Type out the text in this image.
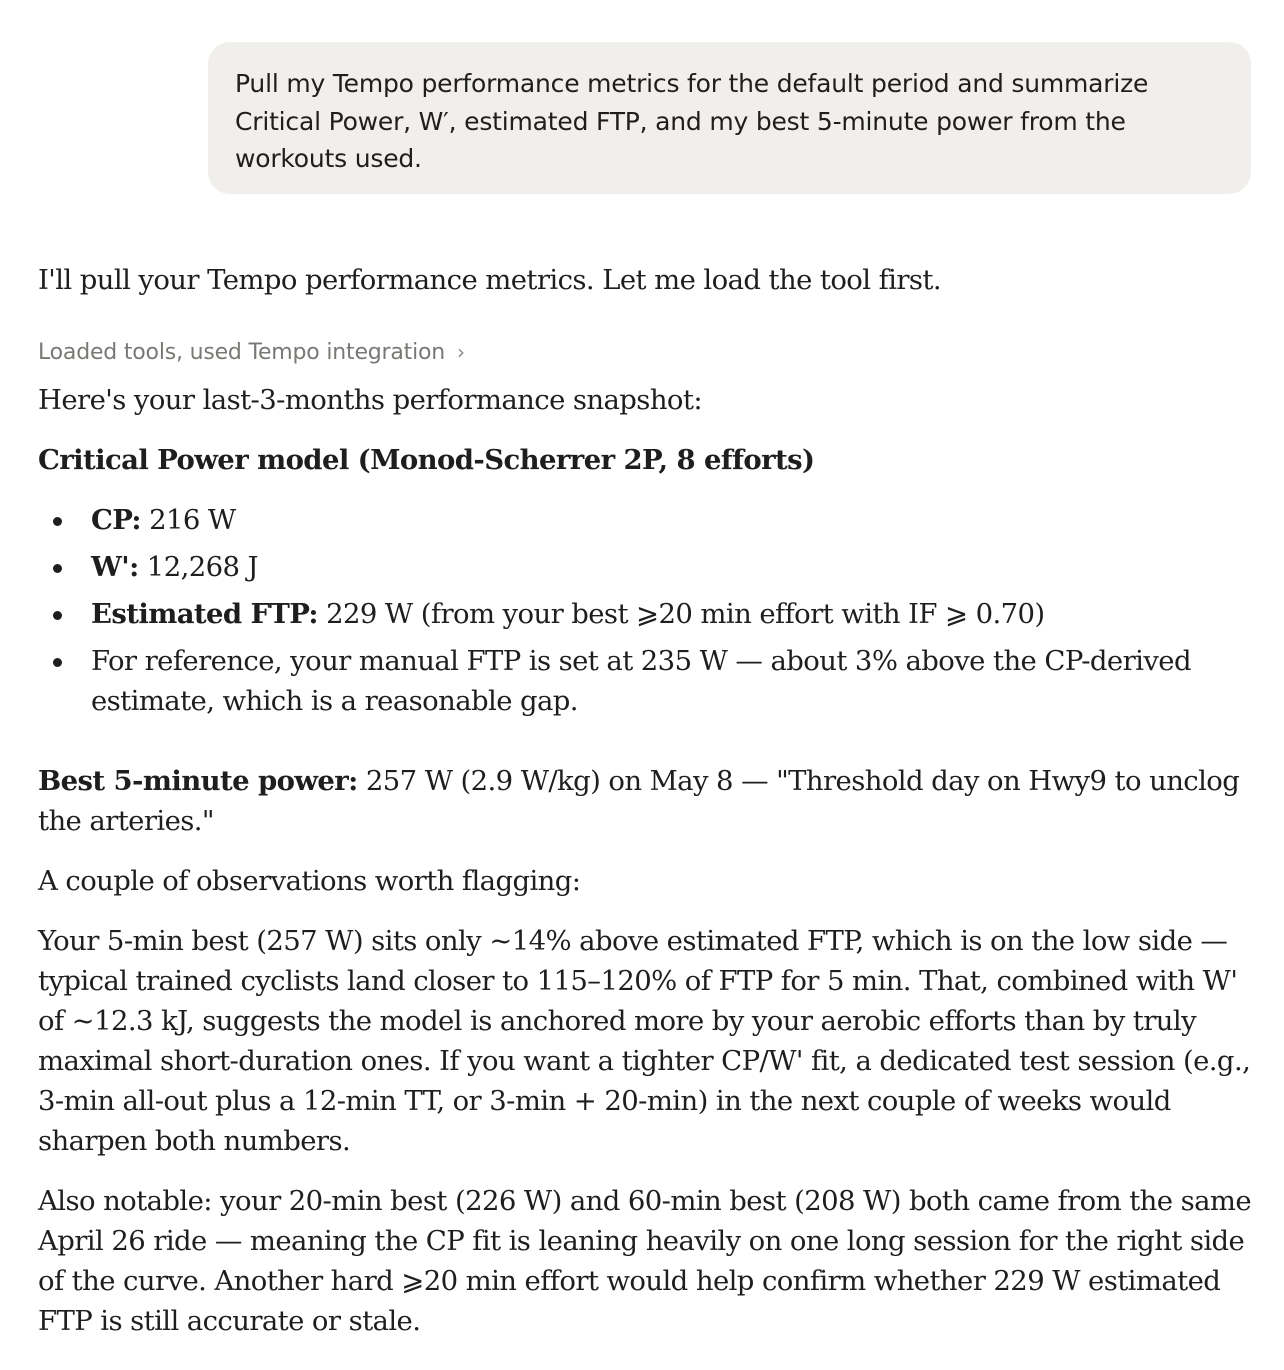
Pull my Tempo performance metrics for the default period and summarize Critical Power, W′, estimated FTP, and my best 5-minute power from the workouts used.

I'll pull your Tempo performance metrics. Let me load the tool first.

Loaded tools, used Tempo integration ›

Here's your last-3-months performance snapshot:

Critical Power model (Monod-Scherrer 2P, 8 efforts)

CP: 216 W
W': 12,268 J
Estimated FTP: 229 W (from your best ⩾20 min effort with IF ⩾ 0.70)
For reference, your manual FTP is set at 235 W — about 3% above the CP-derived estimate, which is a reasonable gap.

Best 5-minute power: 257 W (2.9 W/kg) on May 8 — "Threshold day on Hwy9 to unclog the arteries."

A couple of observations worth flagging:

Your 5-min best (257 W) sits only ~14% above estimated FTP, which is on the low side — typical trained cyclists land closer to 115–120% of FTP for 5 min. That, combined with W' of ~12.3 kJ, suggests the model is anchored more by your aerobic efforts than by truly maximal short-duration ones. If you want a tighter CP/W' fit, a dedicated test session (e.g., 3-min all-out plus a 12-min TT, or 3-min + 20-min) in the next couple of weeks would sharpen both numbers.

Also notable: your 20-min best (226 W) and 60-min best (208 W) both came from the same April 26 ride — meaning the CP fit is leaning heavily on one long session for the right side of the curve. Another hard ⩾20 min effort would help confirm whether 229 W estimated FTP is still accurate or stale.
